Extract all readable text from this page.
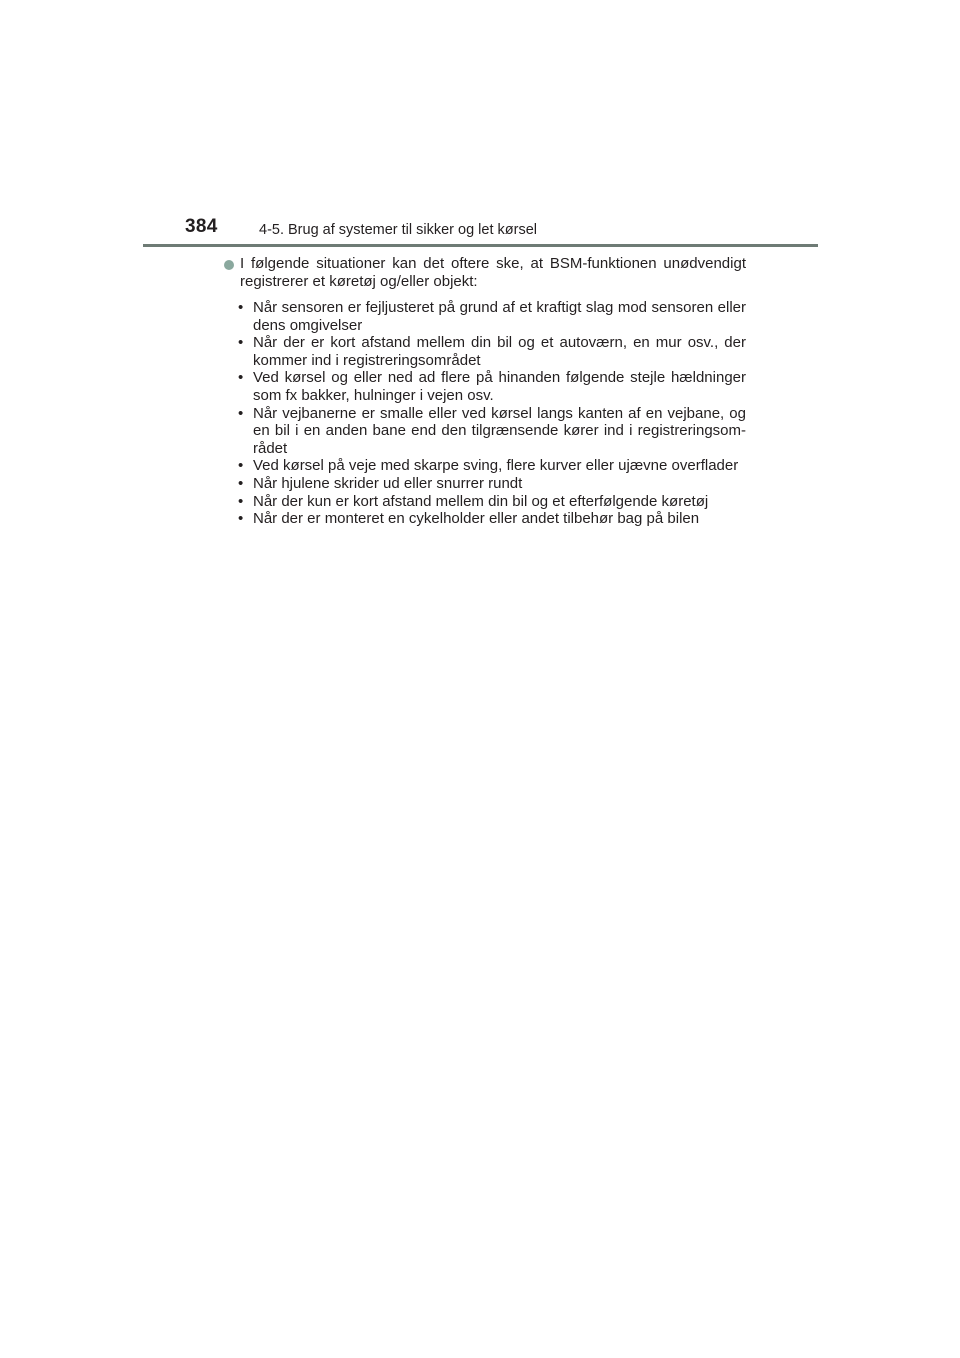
384	4-5. Brug af systemer til sikker og let kørsel
I følgende situationer kan det oftere ske, at BSM-funktionen unødvendigt registrerer et køretøj og/eller objekt:
• Når sensoren er fejljusteret på grund af et kraftigt slag mod sensoren eller dens omgivelser
• Når der er kort afstand mellem din bil og et autoværn, en mur osv., der kommer ind i registreringsområdet
• Ved kørsel og eller ned ad flere på hinanden følgende stejle hældninger som fx bakker, hulninger i vejen osv.
• Når vejbanerne er smalle eller ved kørsel langs kanten af en vejbane, og en bil i en anden bane end den tilgrænsende kører ind i registreringsom-rådet
• Ved kørsel på veje med skarpe sving, flere kurver eller ujævne overflader
• Når hjulene skrider ud eller snurrer rundt
• Når der kun er kort afstand mellem din bil og et efterfølgende køretøj
• Når der er monteret en cykelholder eller andet tilbehør bag på bilen
